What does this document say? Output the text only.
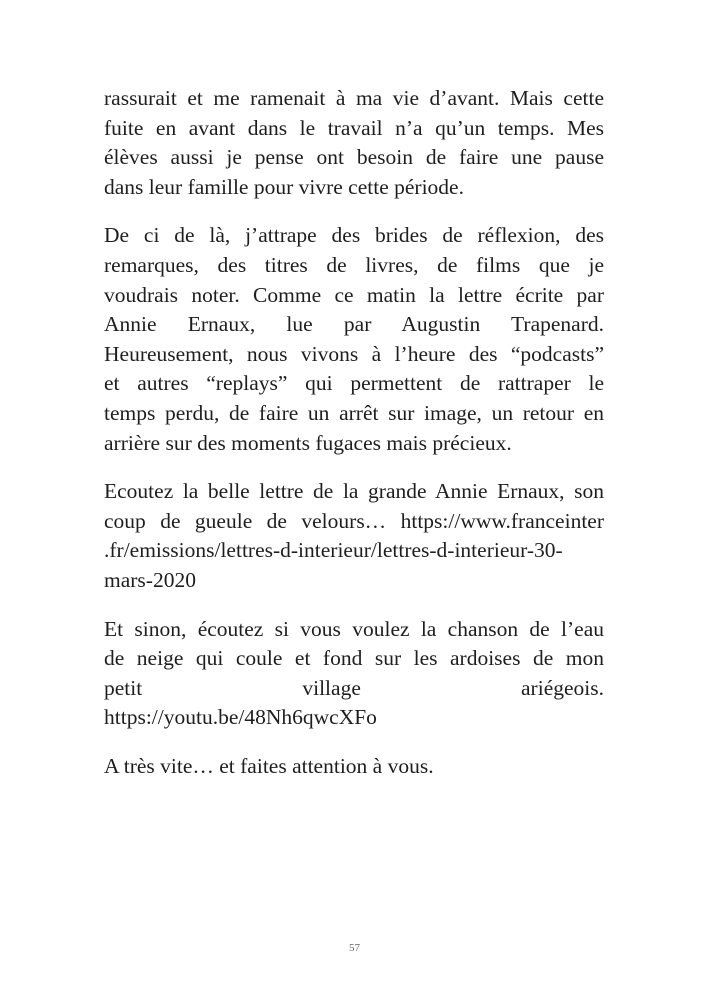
rassurait et me ramenait à ma vie d’avant. Mais cette
fuite en avant dans le travail n’a qu’un temps. Mes
élèves aussi je pense ont besoin de faire une pause
dans leur famille pour vivre cette période.

De ci de là, j’attrape des brides de réflexion, des
remarques, des titres de livres, de films que je
voudrais noter. Comme ce matin la lettre écrite par
Annie Ernaux, lue par Augustin Trapenard.
Heureusement, nous vivons à l’heure des “podcasts”
et autres “replays” qui permettent de rattraper le
temps perdu, de faire un arrêt sur image, un retour en
arrière sur des moments fugaces mais précieux.

Ecoutez la belle lettre de la grande Annie Ernaux, son
coup de gueule de velours… https://www.franceinter
.fr/emissions/lettres-d-interieur/lettres-d-interieur-30-
mars-2020

Et sinon, écoutez si vous voulez la chanson de l’eau
de neige qui coule et fond sur les ardoises de mon
petit village ariégeois.
https://youtu.be/48Nh6qwcXFo

A très vite… et faites attention à vous.

57
